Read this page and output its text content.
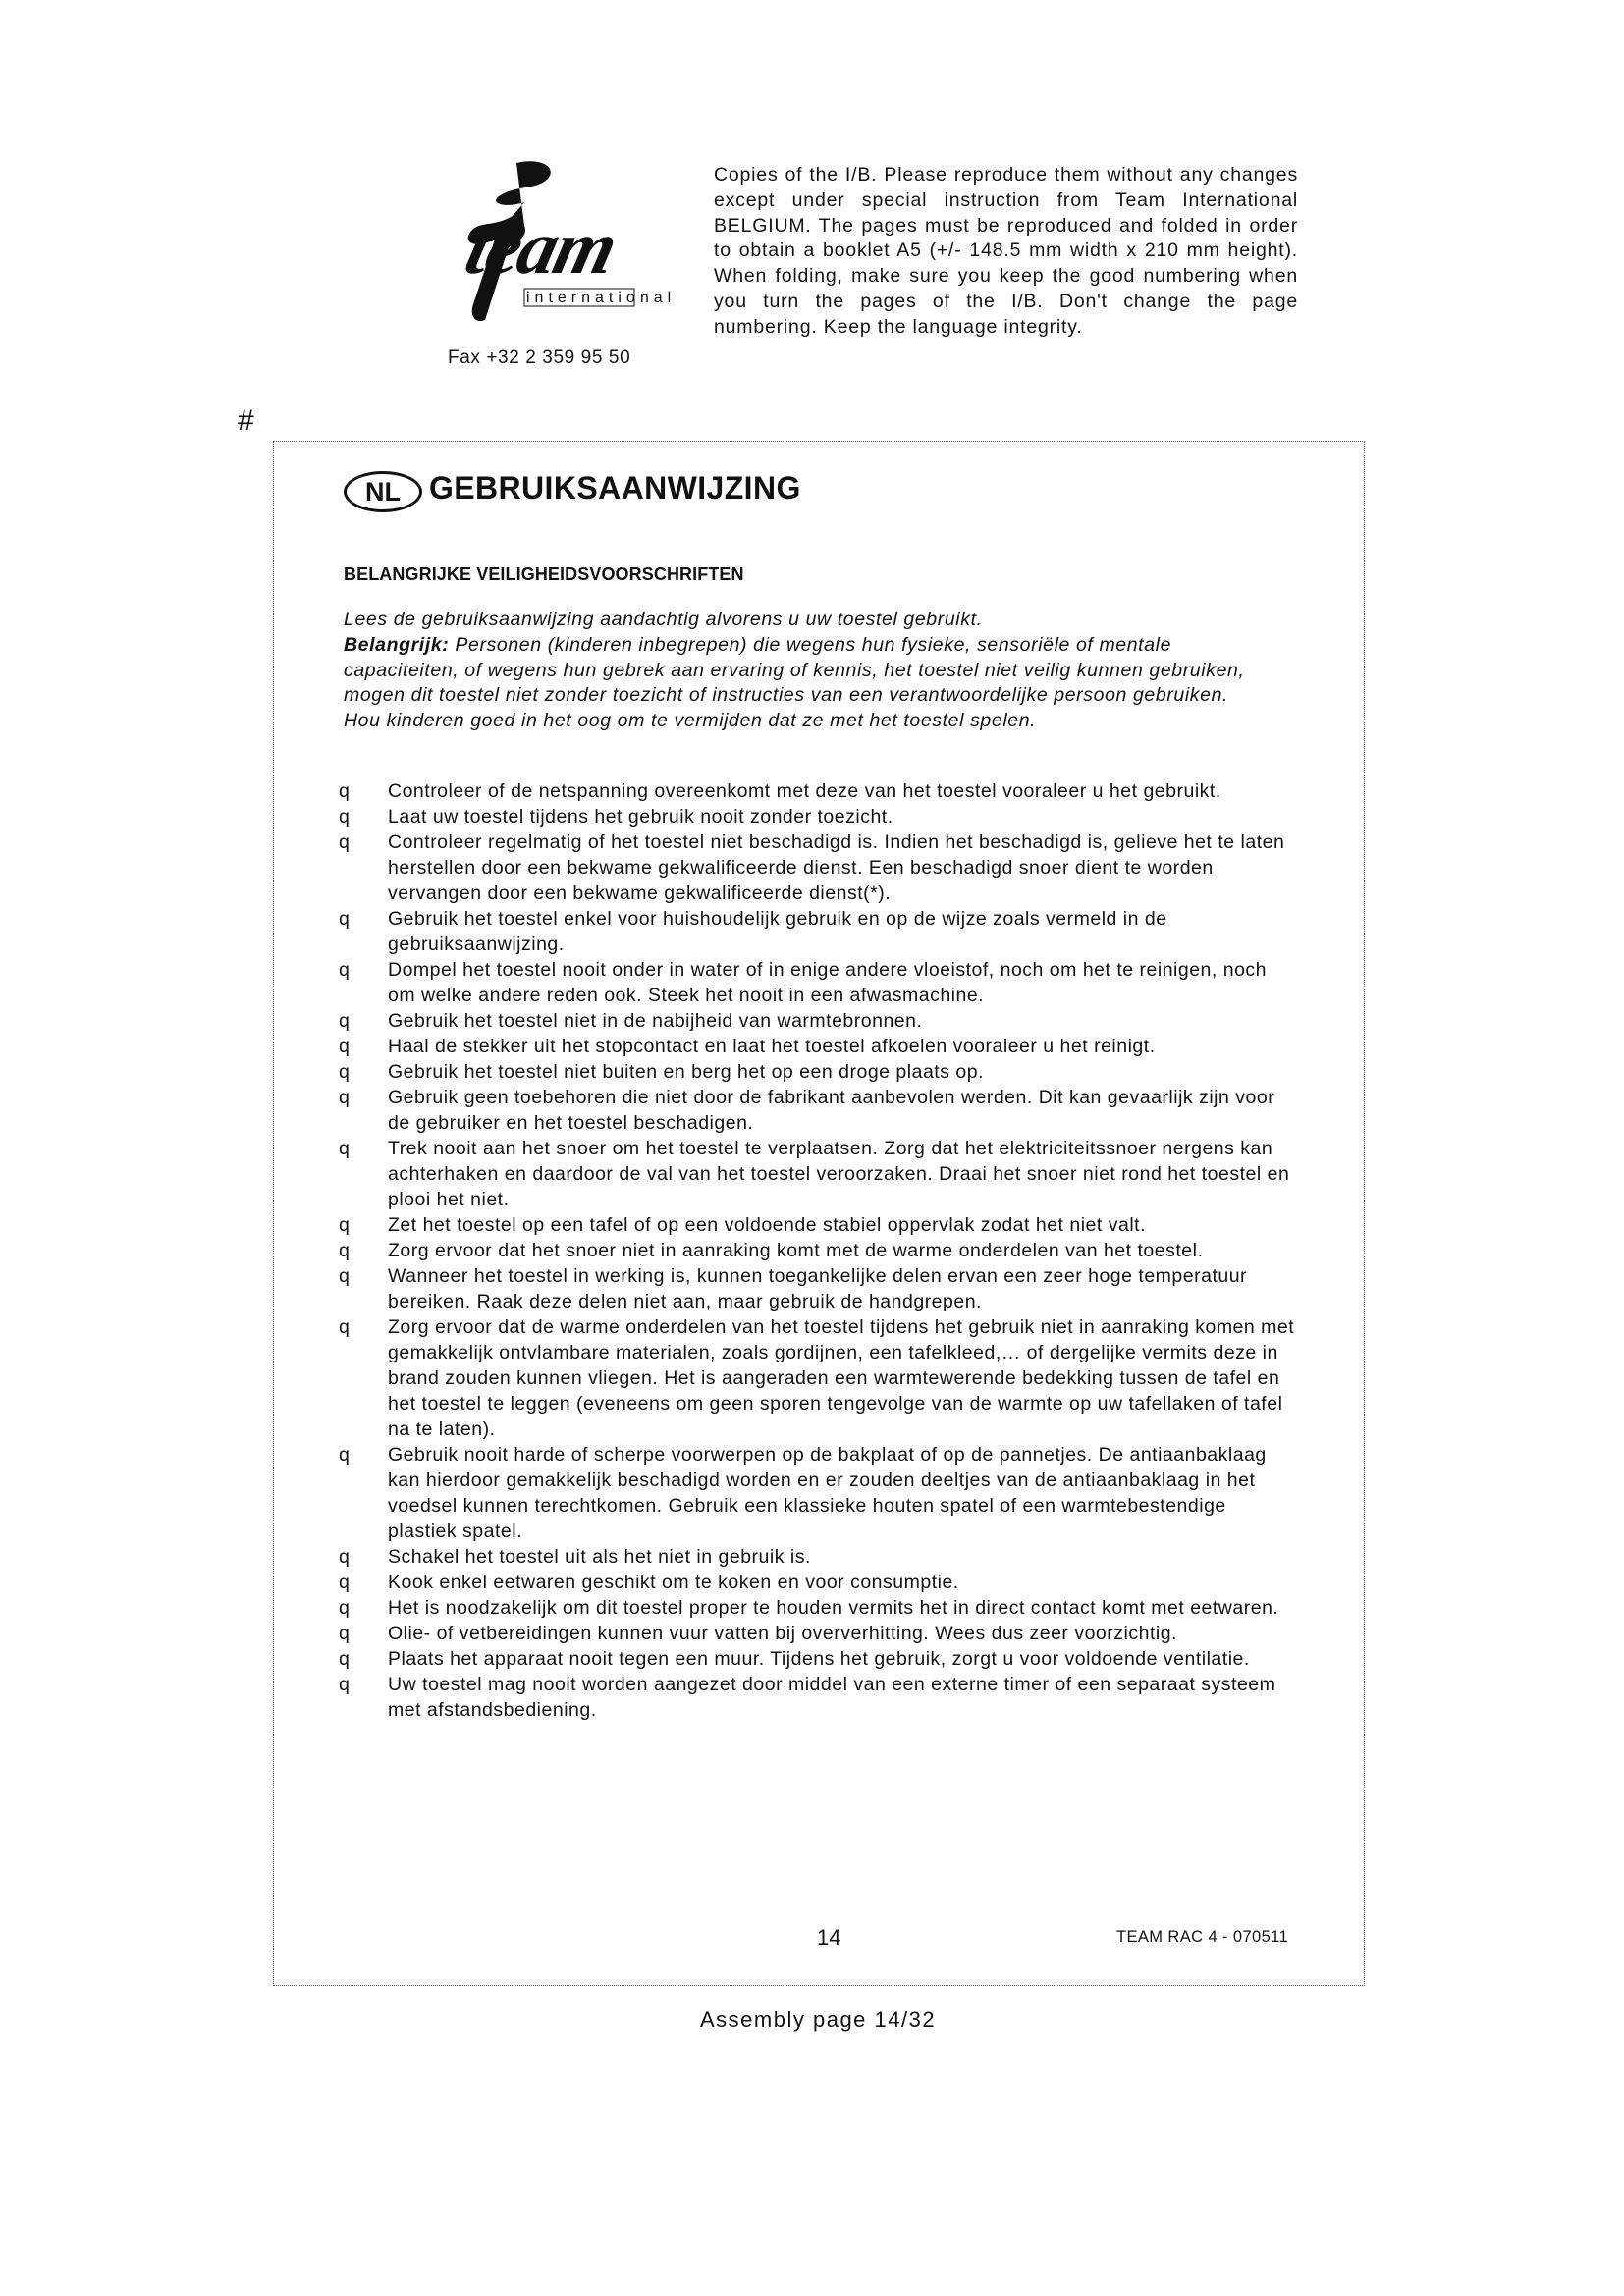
team
international
Fax +32 2 359 95 50
Copies of the I/B. Please reproduce them without any changes except under special instruction from Team International BELGIUM. The pages must be reproduced and folded in order to obtain a booklet A5 (+/- 148.5 mm width x 210 mm height). When folding, make sure you keep the good numbering when you turn the pages of the I/B. Don't change the page numbering. Keep the language integrity.
#
NL GEBRUIKSAANWIJZING
BELANGRIJKE VEILIGHEIDSVOORSCHRIFTEN

Lees de gebruiksaanwijzing aandachtig alvorens u uw toestel gebruikt.

Belangrijk: Personen (kinderen inbegrepen) die wegens hun fysieke, sensoriële of mentale capaciteiten, of wegens hun gebrek aan ervaring of kennis, het toestel niet veilig kunnen gebruiken, mogen dit toestel niet zonder toezicht of instructies van een verantwoordelijke persoon gebruiken. Hou kinderen goed in het oog om te vermijden dat ze met het toestel spelen.

q Controleer of de netspanning overeenkomt met deze van het toestel vooraleer u het gebruikt.
q Laat uw toestel tijdens het gebruik nooit zonder toezicht.
q Controleer regelmatig of het toestel niet beschadigd is. Indien het beschadigd is, gelieve het te laten herstellen door een bekwame gekwalificeerde dienst. Een beschadigd snoer dient te worden vervangen door een bekwame gekwalificeerde dienst(*).
q Gebruik het toestel enkel voor huishoudelijk gebruik en op de wijze zoals vermeld in de gebruiksaanwijzing.
q Dompel het toestel nooit onder in water of in enige andere vloeistof, noch om het te reinigen, noch om welke andere reden ook. Steek het nooit in een afwasmachine.
q Gebruik het toestel niet in de nabijheid van warmtebronnen.
q Haal de stekker uit het stopcontact en laat het toestel afkoelen vooraleer u het reinigt.
q Gebruik het toestel niet buiten en berg het op een droge plaats op.
q Gebruik geen toebehoren die niet door de fabrikant aanbevolen werden. Dit kan gevaarlijk zijn voor de gebruiker en het toestel beschadigen.
q Trek nooit aan het snoer om het toestel te verplaatsen. Zorg dat het elektriciteitssnoer nergens kan achterhaken en daardoor de val van het toestel veroorzaken. Draai het snoer niet rond het toestel en plooi het niet.
q Zet het toestel op een tafel of op een voldoende stabiel oppervlak zodat het niet valt.
q Zorg ervoor dat het snoer niet in aanraking komt met de warme onderdelen van het toestel.
q Wanneer het toestel in werking is, kunnen toegankelijke delen ervan een zeer hoge temperatuur bereiken. Raak deze delen niet aan, maar gebruik de handgrepen.
q Zorg ervoor dat de warme onderdelen van het toestel tijdens het gebruik niet in aanraking komen met gemakkelijk ontvlambare materialen, zoals gordijnen, een tafelkleed,… of dergelijke vermits deze in brand zouden kunnen vliegen. Het is aangeraden een warmtewerende bedekking tussen de tafel en het toestel te leggen (eveneens om geen sporen tengevolge van de warmte op uw tafellaken of tafel na te laten).
q Gebruik nooit harde of scherpe voorwerpen op de bakplaat of op de pannetjes. De antiaanbaklaag kan hierdoor gemakkelijk beschadigd worden en er zouden deeltjes van de antiaanbaklaag in het voedsel kunnen terechtkomen. Gebruik een klassieke houten spatel of een warmtebestendige plastiek spatel.
q Schakel het toestel uit als het niet in gebruik is.
q Kook enkel eetwaren geschikt om te koken en voor consumptie.
q Het is noodzakelijk om dit toestel proper te houden vermits het in direct contact komt met eetwaren.
q Olie- of vetbereidingen kunnen vuur vatten bij oververhitting. Wees dus zeer voorzichtig.
q Plaats het apparaat nooit tegen een muur. Tijdens het gebruik, zorgt u voor voldoende ventilatie.
q Uw toestel mag nooit worden aangezet door middel van een externe timer of een separaat systeem met afstandsbediening.
14	TEAM RAC 4 - 070511
Assembly page 14/32
